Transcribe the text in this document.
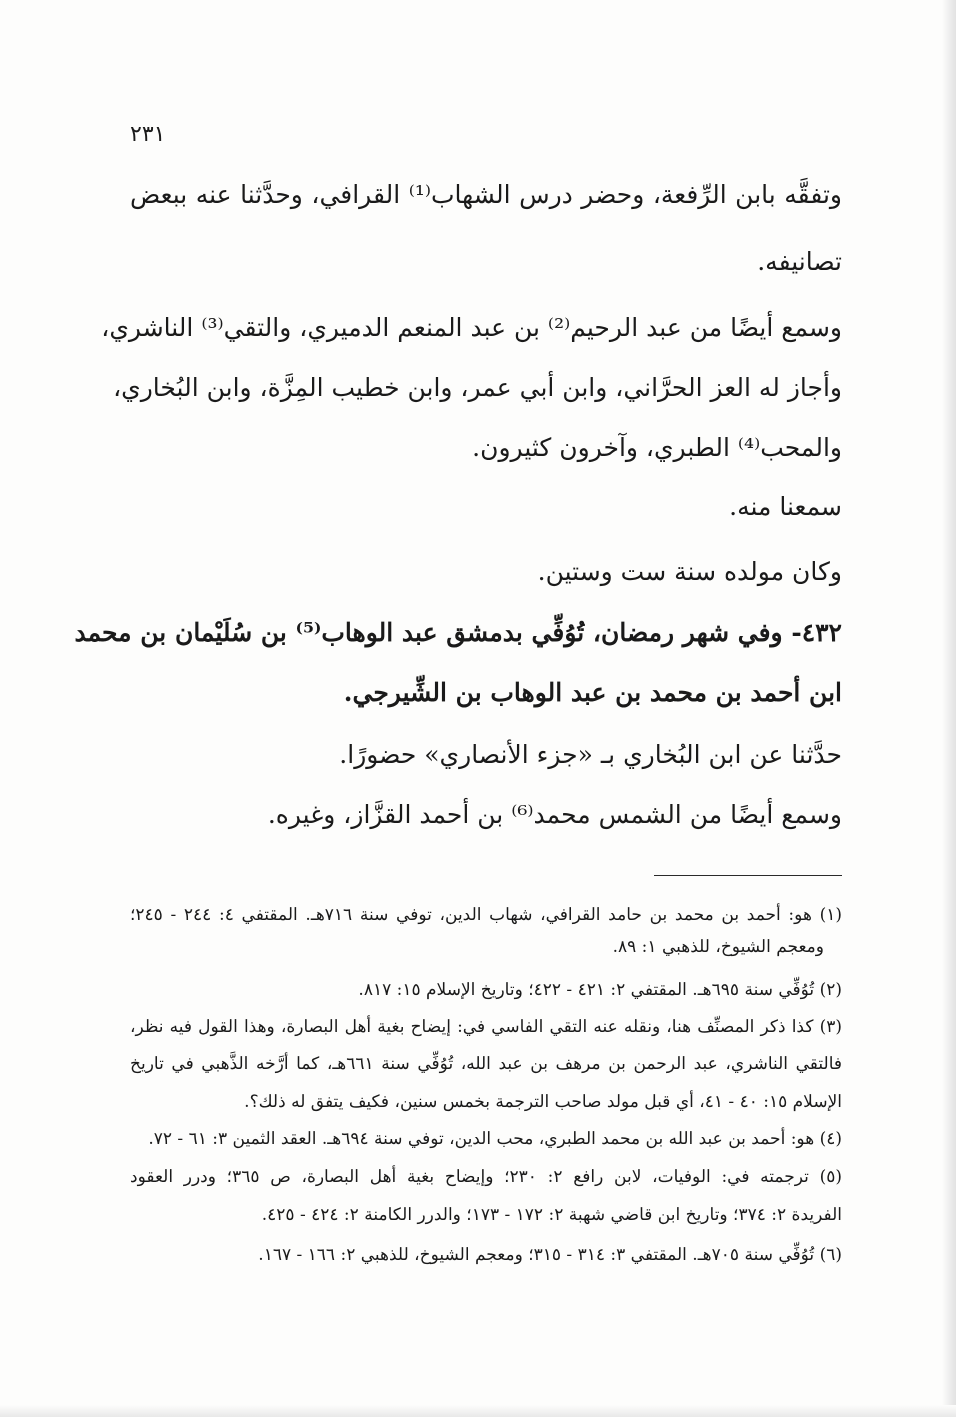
٢٣١
وتفقَّه بابن الرِّفعة، وحضر درس الشهاب⁽¹⁾ القرافي، وحدَّثنا عنه ببعض
تصانيفه.
وسمع أيضًا من عبد الرحيم⁽²⁾ بن عبد المنعم الدميري، والتقي⁽³⁾ الناشري،
وأجاز له العز الحرَّاني، وابن أبي عمر، وابن خطيب المِزَّة، وابن البُخاري،
والمحب⁽⁴⁾ الطبري، وآخرون كثيرون.
سمعنا منه.
وكان مولده سنة ست وستين.
٤٣٢- وفي شهر رمضان، تُوُفِّي بدمشق عبد الوهاب⁽⁵⁾ بن سُلَيْمان بن محمد
ابن أحمد بن محمد بن عبد الوهاب بن الشِّيرجي.
حدَّثنا عن ابن البُخاري بـ «جزء الأنصاري» حضورًا.
وسمع أيضًا من الشمس محمد⁽⁶⁾ بن أحمد القزَّاز، وغيره.
(١) هو: أحمد بن محمد بن حامد القرافي، شهاب الدين، توفي سنة ٧١٦هـ. المقتفي ٤: ٢٤٤ - ٢٤٥؛
ومعجم الشيوخ، للذهبي ١: ٨٩.
(٢) تُوُفِّي سنة ٦٩٥هـ. المقتفي ٢: ٤٢١ - ٤٢٢؛ وتاريخ الإسلام ١٥: ٨١٧.
(٣) كذا ذكر المصنِّف هنا، ونقله عنه التقي الفاسي في: إيضاح بغية أهل البصارة، وهذا القول فيه نظر،
فالتقي الناشري، عبد الرحمن بن مرهف بن عبد الله، تُوُفِّي سنة ٦٦١هـ، كما أرَّخه الذَّهبي في تاريخ
الإسلام ١٥: ٤٠ - ٤١، أي قبل مولد صاحب الترجمة بخمس سنين، فكيف يتفق له ذلك؟.
(٤) هو: أحمد بن عبد الله بن محمد الطبري، محب الدين، توفي سنة ٦٩٤هـ. العقد الثمين ٣: ٦١ - ٧٢.
(٥) ترجمته في: الوفيات، لابن رافع ٢: ٢٣٠؛ وإيضاح بغية أهل البصارة، ص ٣٦٥؛ ودرر العقود
الفريدة ٢: ٣٧٤؛ وتاريخ ابن قاضي شهبة ٢: ١٧٢ - ١٧٣؛ والدرر الكامنة ٢: ٤٢٤ - ٤٢٥.
(٦) تُوُفِّي سنة ٧٠٥هـ. المقتفي ٣: ٣١٤ - ٣١٥؛ ومعجم الشيوخ، للذهبي ٢: ١٦٦ - ١٦٧.
